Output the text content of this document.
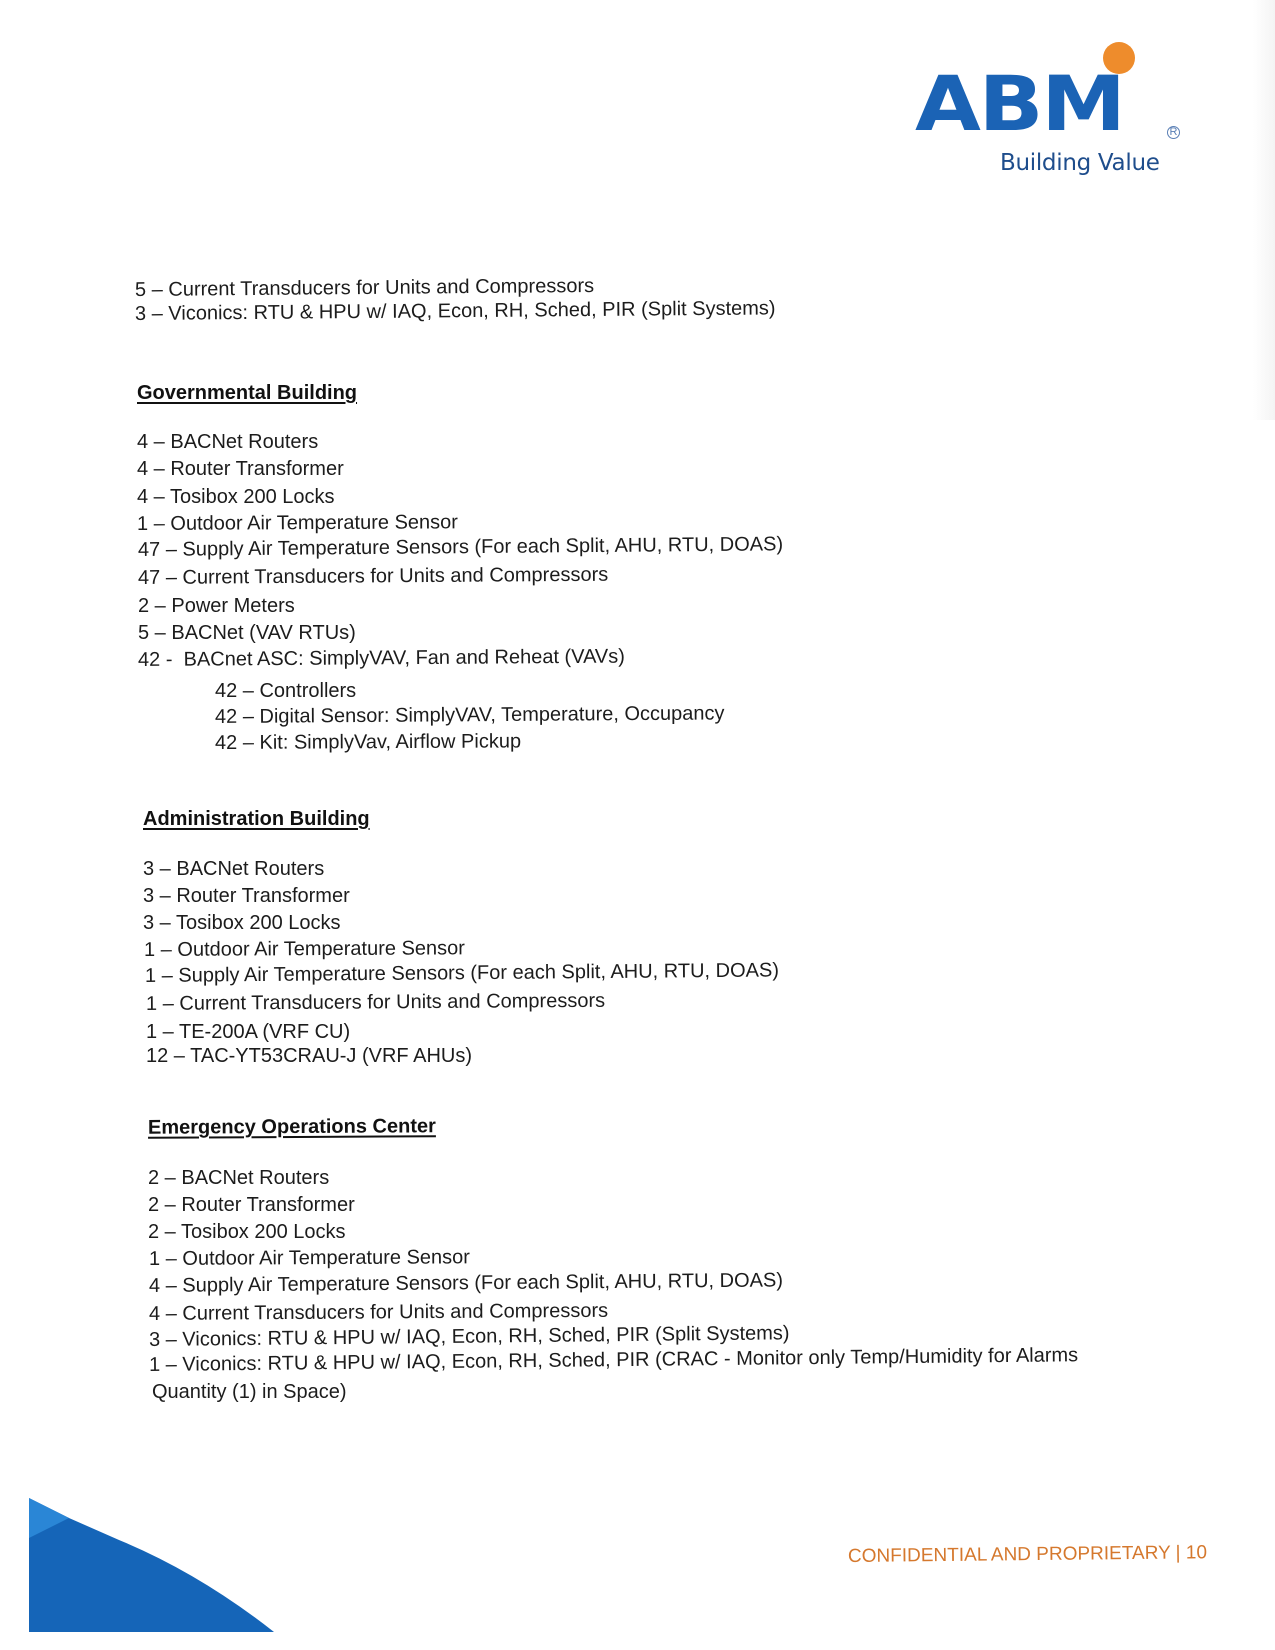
ABM	R
Building Value
5 – Current Transducers for Units and Compressors
3 – Viconics: RTU & HPU w/ IAQ, Econ, RH, Sched, PIR (Split Systems)
Governmental Building
4 – BACNet Routers
4 – Router Transformer
4 – Tosibox 200 Locks
1 – Outdoor Air Temperature Sensor
47 – Supply Air Temperature Sensors (For each Split, AHU, RTU, DOAS)
47 – Current Transducers for Units and Compressors
2 – Power Meters
5 – BACNet (VAV RTUs)
42 -  BACnet ASC: SimplyVAV, Fan and Reheat (VAVs)
42 – Controllers
42 – Digital Sensor: SimplyVAV, Temperature, Occupancy
42 – Kit: SimplyVav, Airflow Pickup
Administration Building
3 – BACNet Routers
3 – Router Transformer
3 – Tosibox 200 Locks
1 – Outdoor Air Temperature Sensor
1 – Supply Air Temperature Sensors (For each Split, AHU, RTU, DOAS)
1 – Current Transducers for Units and Compressors
1 – TE-200A (VRF CU)
12 – TAC-YT53CRAU-J (VRF AHUs)
Emergency Operations Center
2 – BACNet Routers
2 – Router Transformer
2 – Tosibox 200 Locks
1 – Outdoor Air Temperature Sensor
4 – Supply Air Temperature Sensors (For each Split, AHU, RTU, DOAS)
4 – Current Transducers for Units and Compressors
3 – Viconics: RTU & HPU w/ IAQ, Econ, RH, Sched, PIR (Split Systems)
1 – Viconics: RTU & HPU w/ IAQ, Econ, RH, Sched, PIR (CRAC - Monitor only Temp/Humidity for Alarms
Quantity (1) in Space)
CONFIDENTIAL AND PROPRIETARY | 10
